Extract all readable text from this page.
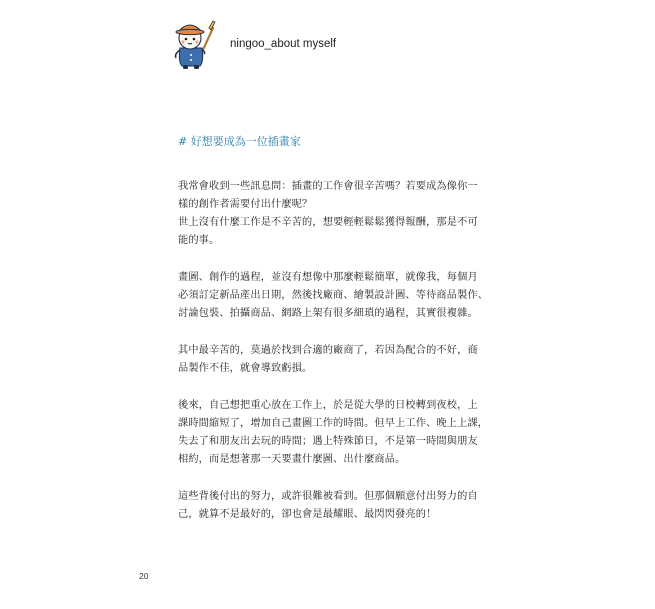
ningoo_about myself
# 好想要成為一位插畫家
我常會收到一些訊息問：插畫的工作會很辛苦嗎？若要成為像你一
樣的創作者需要付出什麼呢？
世上沒有什麼工作是不辛苦的，想要輕輕鬆鬆獲得報酬，那是不可
能的事。
畫圖、創作的過程，並沒有想像中那麼輕鬆簡單，就像我，每個月
必須訂定新品產出日期，然後找廠商、繪製設計圖、等待商品製作、
討論包裝、拍攝商品、網路上架有很多細瑣的過程，其實很複雜。
其中最辛苦的，莫過於找到合適的廠商了，若因為配合的不好，商
品製作不佳，就會導致虧損。
後來，自己想把重心放在工作上，於是從大學的日校轉到夜校，上
課時間縮短了，增加自己畫圖工作的時間。但早上工作、晚上上課，
失去了和朋友出去玩的時間；遇上特殊節日，不是第一時間與朋友
相約，而是想著那一天要畫什麼圖、出什麼商品。
這些背後付出的努力，或許很難被看到。但那個願意付出努力的自
己，就算不是最好的，卻也會是最耀眼、最閃閃發亮的！
20
